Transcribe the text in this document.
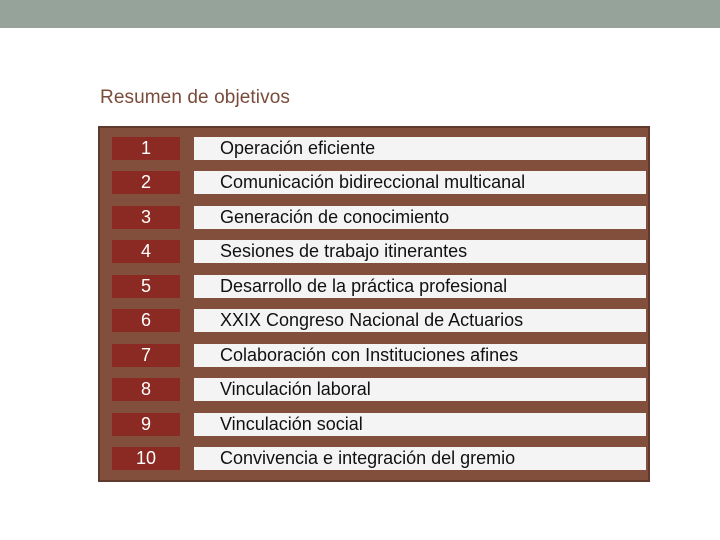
Resumen de objetivos
1	Operación eficiente
2	Comunicación bidireccional multicanal
3	Generación de conocimiento
4	Sesiones de trabajo itinerantes
5	Desarrollo de la práctica profesional
6	XXIX Congreso Nacional de Actuarios
7	Colaboración con Instituciones afines
8	Vinculación laboral
9	Vinculación social
10	Convivencia e integración del gremio
